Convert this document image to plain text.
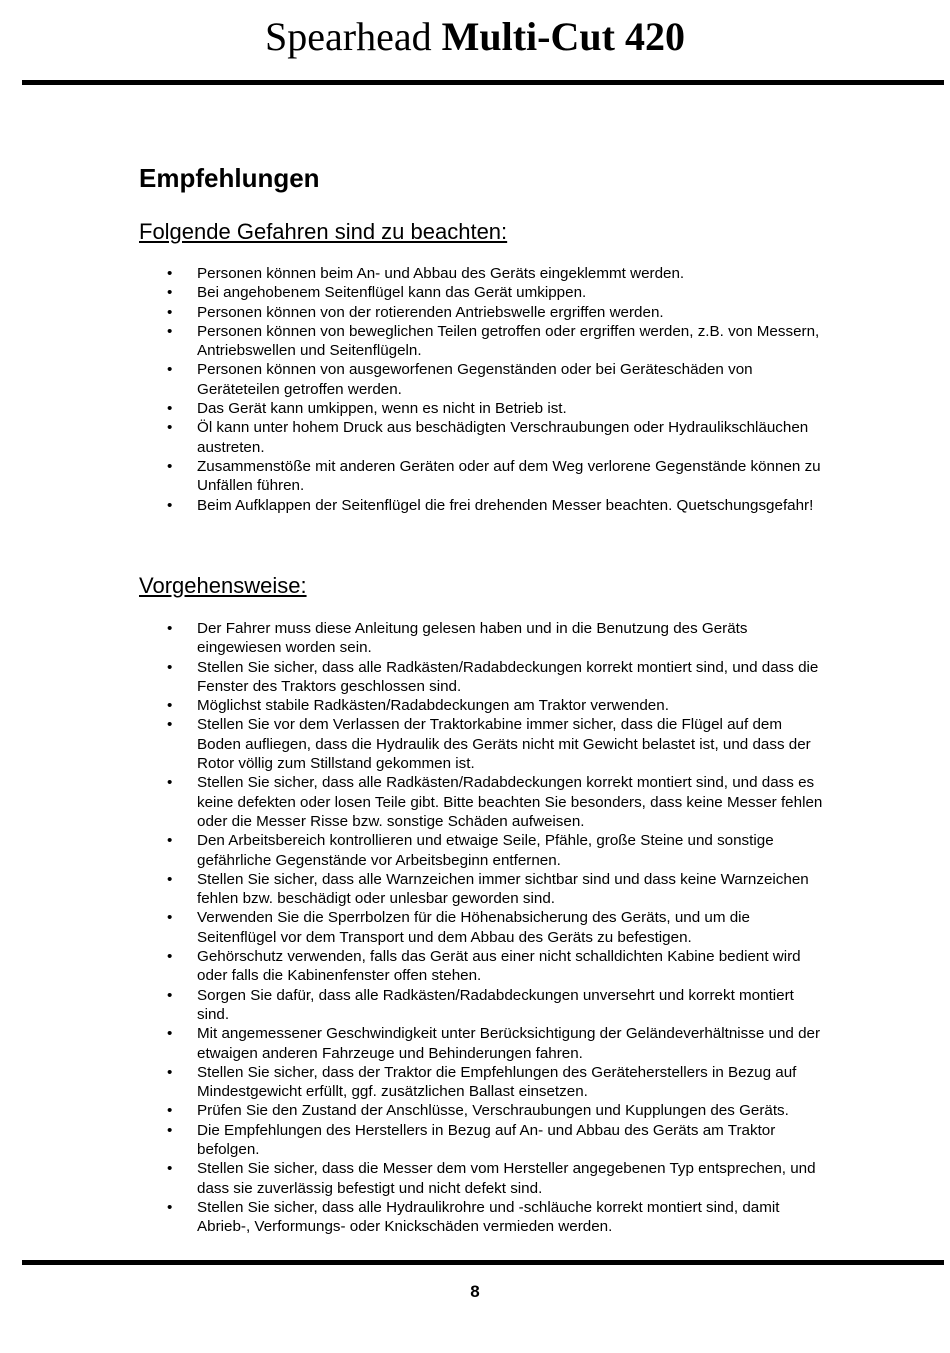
Spearhead Multi-Cut 420
Empfehlungen
Folgende Gefahren sind zu beachten:
•	Personen können beim An- und Abbau des Geräts eingeklemmt werden.
•	Bei angehobenem Seitenflügel kann das Gerät umkippen.
•	Personen können von der rotierenden Antriebswelle ergriffen werden.
•	Personen können von beweglichen Teilen getroffen oder ergriffen werden, z.B. von Messern, Antriebswellen und Seitenflügeln.
•	Personen können von ausgeworfenen Gegenständen oder bei Geräteschäden von Geräteteilen getroffen werden.
•	Das Gerät kann umkippen, wenn es nicht in Betrieb ist.
•	Öl kann unter hohem Druck aus beschädigten Verschraubungen oder Hydraulikschläuchen austreten.
•	Zusammenstöße mit anderen Geräten oder auf dem Weg verlorene Gegenstände können zu Unfällen führen.
•	Beim Aufklappen der Seitenflügel die frei drehenden Messer beachten. Quetschungsgefahr!
Vorgehensweise:
•	Der Fahrer muss diese Anleitung gelesen haben und in die Benutzung des Geräts eingewiesen worden sein.
•	Stellen Sie sicher, dass alle Radkästen/Radabdeckungen korrekt montiert sind, und dass die Fenster des Traktors geschlossen sind.
•	Möglichst stabile Radkästen/Radabdeckungen am Traktor verwenden.
•	Stellen Sie vor dem Verlassen der Traktorkabine immer sicher, dass die Flügel auf dem Boden aufliegen, dass die Hydraulik des Geräts nicht mit Gewicht belastet ist, und dass der Rotor völlig zum Stillstand gekommen ist.
•	Stellen Sie sicher, dass alle Radkästen/Radabdeckungen korrekt montiert sind, und dass es keine defekten oder losen Teile gibt. Bitte beachten Sie besonders, dass keine Messer fehlen oder die Messer Risse bzw. sonstige Schäden aufweisen.
•	Den Arbeitsbereich kontrollieren und etwaige Seile, Pfähle, große Steine und sonstige gefährliche Gegenstände vor Arbeitsbeginn entfernen.
•	Stellen Sie sicher, dass alle Warnzeichen immer sichtbar sind und dass keine Warnzeichen fehlen bzw. beschädigt oder unlesbar geworden sind.
•	Verwenden Sie die Sperrbolzen für die Höhenabsicherung des Geräts, und um die Seitenflügel vor dem Transport und dem Abbau des Geräts zu befestigen.
•	Gehörschutz verwenden, falls das Gerät aus einer nicht schalldichten Kabine bedient wird oder falls die Kabinenfenster offen stehen.
•	Sorgen Sie dafür, dass alle Radkästen/Radabdeckungen unversehrt und korrekt montiert sind.
•	Mit angemessener Geschwindigkeit unter Berücksichtigung der Geländeverhältnisse und der etwaigen anderen Fahrzeuge und Behinderungen fahren.
•	Stellen Sie sicher, dass der Traktor die Empfehlungen des Geräteherstellers in Bezug auf Mindestgewicht erfüllt, ggf. zusätzlichen Ballast einsetzen.
•	Prüfen Sie den Zustand der Anschlüsse, Verschraubungen und Kupplungen des Geräts.
•	Die Empfehlungen des Herstellers in Bezug auf An- und Abbau des Geräts am Traktor befolgen.
•	Stellen Sie sicher, dass die Messer dem vom Hersteller angegebenen Typ entsprechen, und dass sie zuverlässig befestigt und nicht defekt sind.
•	Stellen Sie sicher, dass alle Hydraulikrohre und -schläuche korrekt montiert sind, damit Abrieb-, Verformungs- oder Knickschäden vermieden werden.
8
